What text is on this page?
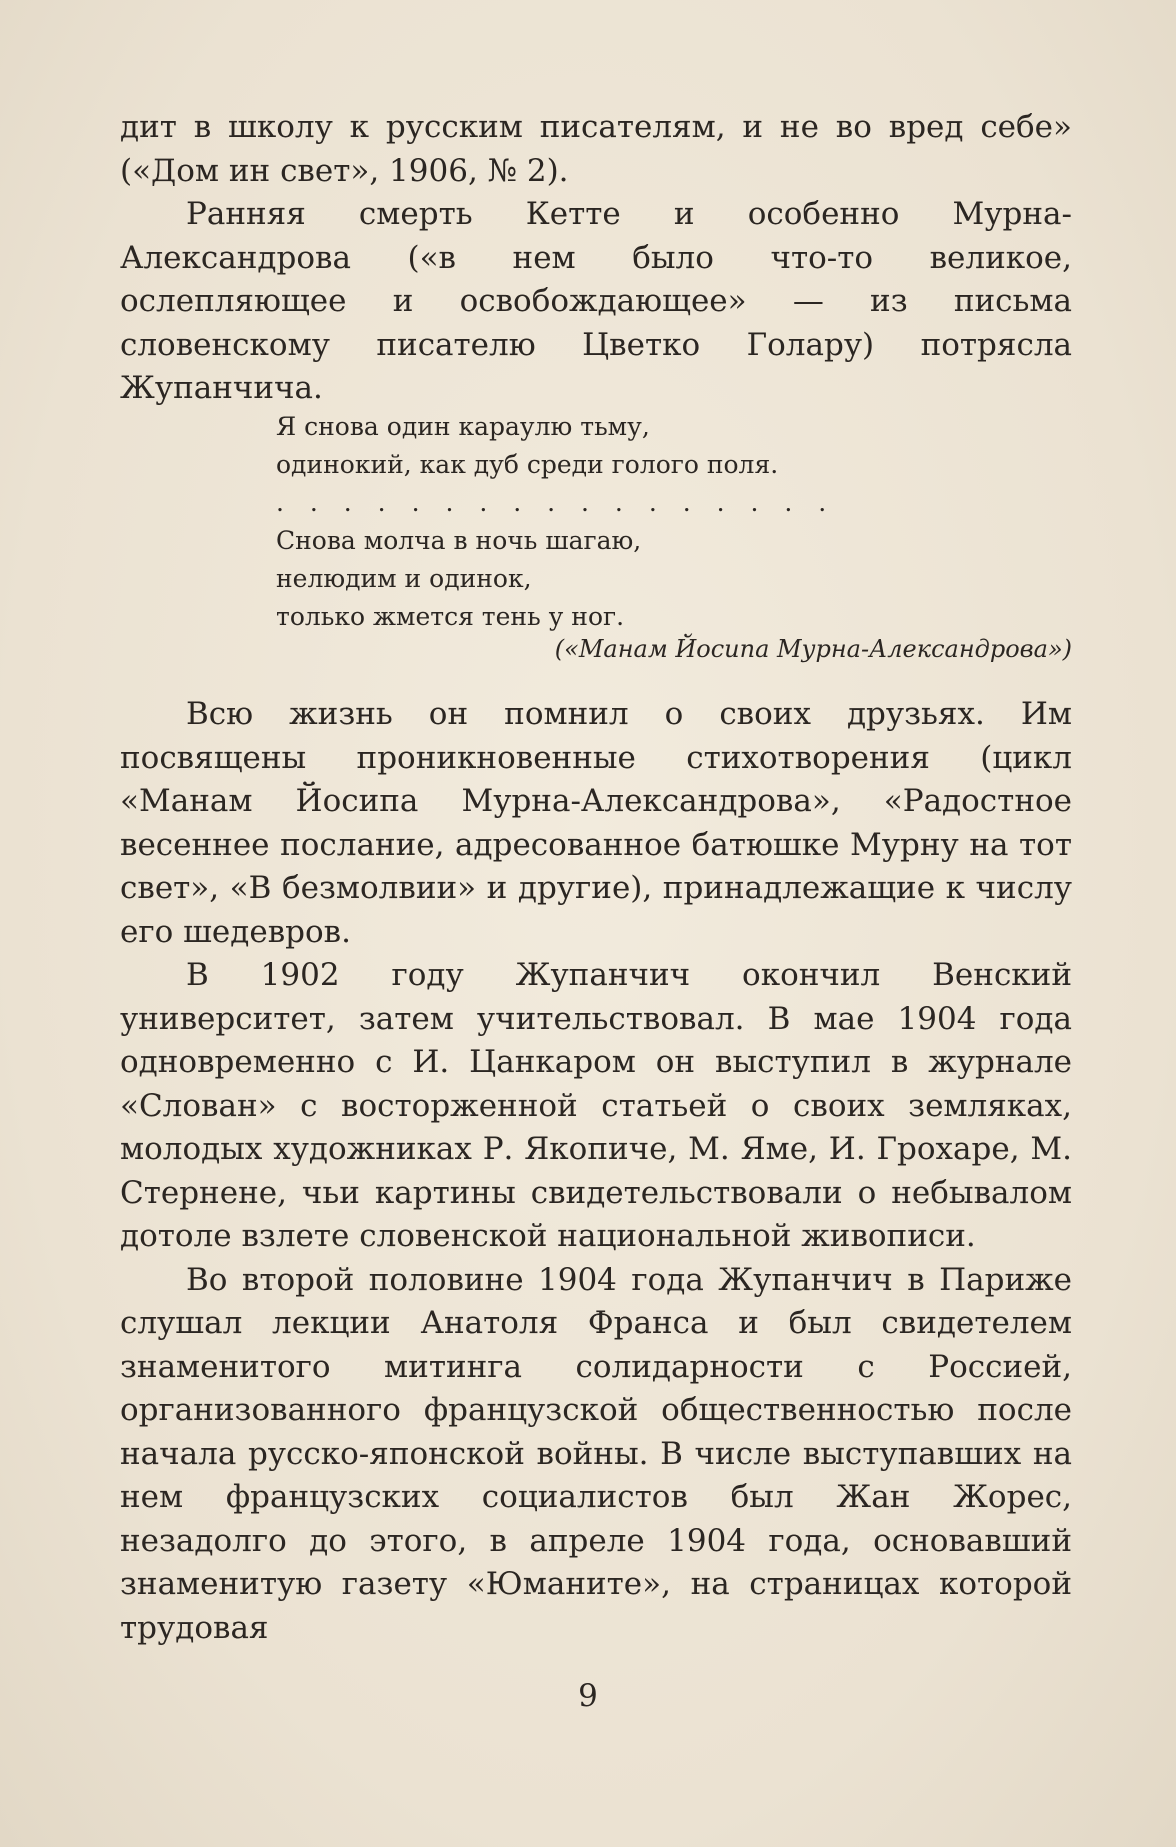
дит в школу к русским писателям, и не во вред себе» («Дом ин свет», 1906, № 2).

Ранняя смерть Кетте и особенно Мурна-Александрова («в нем было что-то великое, ослепляющее и освобождающее» — из письма словенскому писателю Цветко Голару) потрясла Жупанчича.

Я снова один караулю тьму,
одинокий, как дуб среди голого поля.
. . . . . . . . . . . . . . . . .
Снова молча в ночь шагаю,
нелюдим и одинок,
только жмется тень у ног.
(«Манам Йосипа Мурна-Александрова»)

Всю жизнь он помнил о своих друзьях. Им посвящены проникновенные стихотворения (цикл «Манам Йосипа Мурна-Александрова», «Радостное весеннее послание, адресованное батюшке Мурну на тот свет», «В безмолвии» и другие), принадлежащие к числу его шедевров.

В 1902 году Жупанчич окончил Венский университет, затем учительствовал. В мае 1904 года одновременно с И. Цанкаром он выступил в журнале «Слован» с восторженной статьей о своих земляках, молодых художниках Р. Якопиче, М. Яме, И. Грохаре, М. Стернене, чьи картины свидетельствовали о небывалом дотоле взлете словенской национальной живописи.

Во второй половине 1904 года Жупанчич в Париже слушал лекции Анатоля Франса и был свидетелем знаменитого митинга солидарности с Россией, организованного французской общественностью после начала русско-японской войны. В числе выступавших на нем французских социалистов был Жан Жорес, незадолго до этого, в апреле 1904 года, основавший знаменитую газету «Юманите», на страницах которой трудовая

9
